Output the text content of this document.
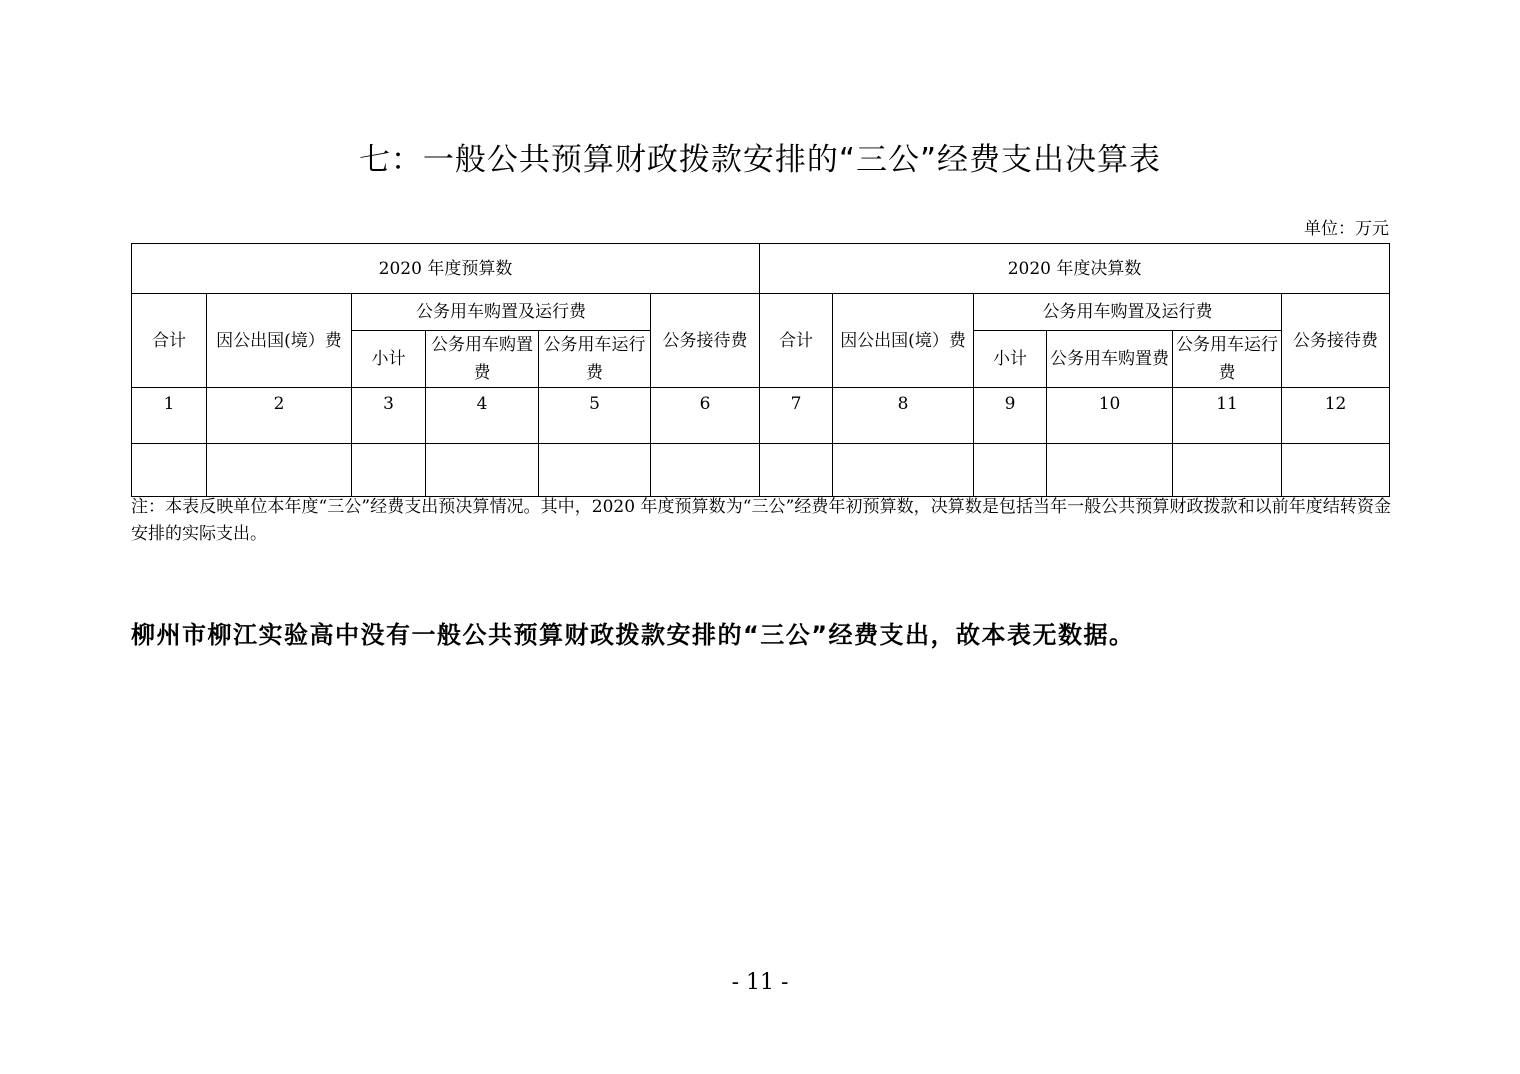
七：一般公共预算财政拨款安排的“三公”经费支出决算表
单位：万元
2020 年度预算数						2020 年度决算数					
合计	因公出国(境）费	公务用车购置及运行费			公务接待费	合计	因公出国(境）费	公务用车购置及运行费			公务接待费
		小计	公务用车购置费	公务用车运行费				小计	公务用车购置费	公务用车运行费	
1	2	3	4	5	6	7	8	9	10	11	12

注：本表反映单位本年度“三公”经费支出预决算情况。其中，2020 年度预算数为“三公”经费年初预算数，决算数是包括当年一般公共预算财政拨款和以前年度结转资金安排的实际支出。
柳州市柳江实验高中没有一般公共预算财政拨款安排的“三公”经费支出，故本表无数据。
- 11 -
